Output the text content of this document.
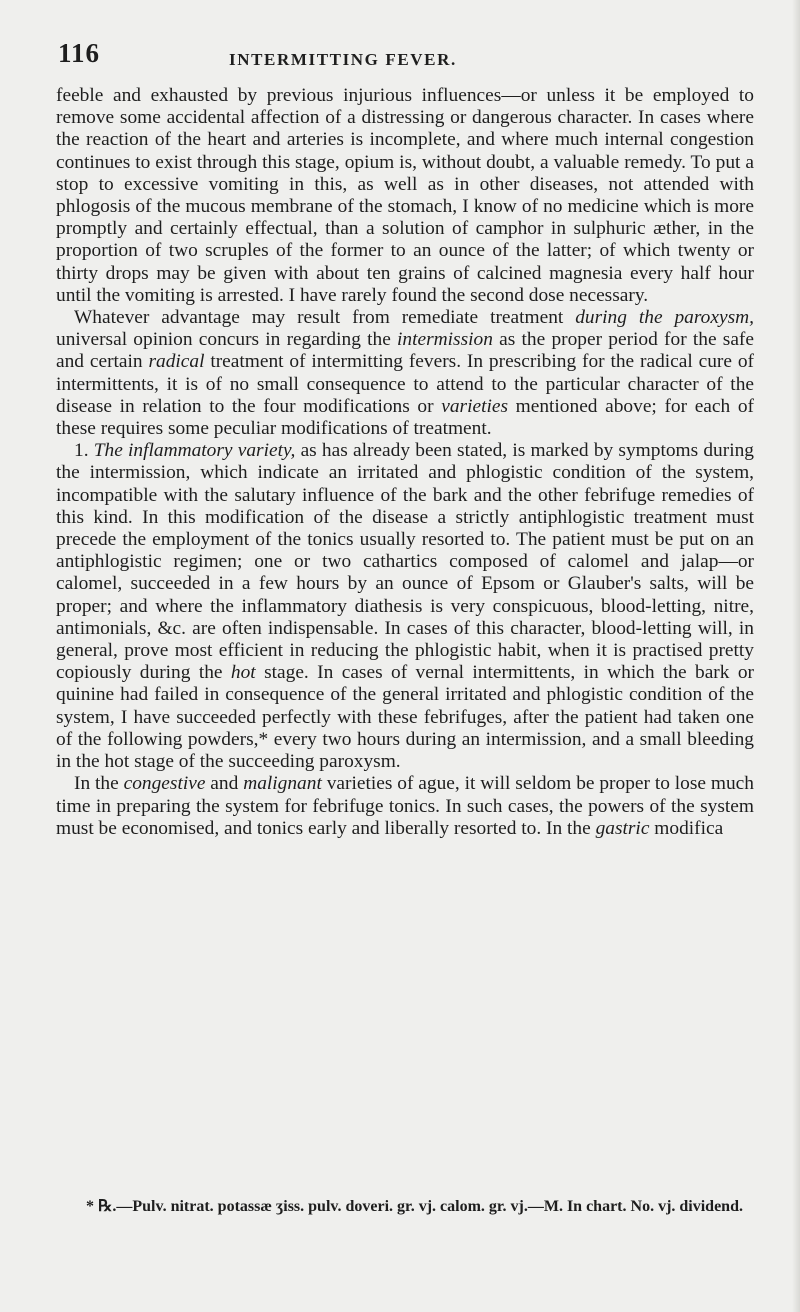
116	INTERMITTING FEVER.

feeble and exhausted by previous injurious influences—or unless it be employed to remove some accidental affection of a distressing or dangerous character. In cases where the reaction of the heart and arteries is incomplete, and where much internal congestion continues to exist through this stage, opium is, without doubt, a valuable remedy. To put a stop to excessive vomiting in this, as well as in other diseases, not attended with phlogosis of the mucous membrane of the stomach, I know of no medicine which is more promptly and certainly effectual, than a solution of camphor in sulphuric æther, in the proportion of two scruples of the former to an ounce of the latter; of which twenty or thirty drops may be given with about ten grains of calcined magnesia every half hour until the vomiting is arrested. I have rarely found the second dose necessary.

Whatever advantage may result from remediate treatment during the paroxysm, universal opinion concurs in regarding the intermission as the proper period for the safe and certain radical treatment of intermitting fevers. In prescribing for the radical cure of intermittents, it is of no small consequence to attend to the particular character of the disease in relation to the four modifications or varieties mentioned above; for each of these requires some peculiar modifications of treatment.

1. The inflammatory variety, as has already been stated, is marked by symptoms during the intermission, which indicate an irritated and phlogistic condition of the system, incompatible with the salutary influence of the bark and the other febrifuge remedies of this kind. In this modification of the disease a strictly antiphlogistic treatment must precede the employment of the tonics usually resorted to. The patient must be put on an antiphlogistic regimen; one or two cathartics composed of calomel and jalap—or calomel, succeeded in a few hours by an ounce of Epsom or Glauber's salts, will be proper; and where the inflammatory diathesis is very conspicuous, blood-letting, nitre, antimonials, &c. are often indispensable. In cases of this character, blood-letting will, in general, prove most efficient in reducing the phlogistic habit, when it is practised pretty copiously during the hot stage. In cases of vernal intermittents, in which the bark or quinine had failed in consequence of the general irritated and phlogistic condition of the system, I have succeeded perfectly with these febrifuges, after the patient had taken one of the following powders,* every two hours during an intermission, and a small bleeding in the hot stage of the succeeding paroxysm.

In the congestive and malignant varieties of ague, it will seldom be proper to lose much time in preparing the system for febrifuge tonics. In such cases, the powers of the system must be economised, and tonics early and liberally resorted to. In the gastric modifica

* ℞.—Pulv. nitrat. potassæ ʒiss. pulv. doveri. gr. vj. calom. gr. vj.—M. In chart. No. vj. dividend.
